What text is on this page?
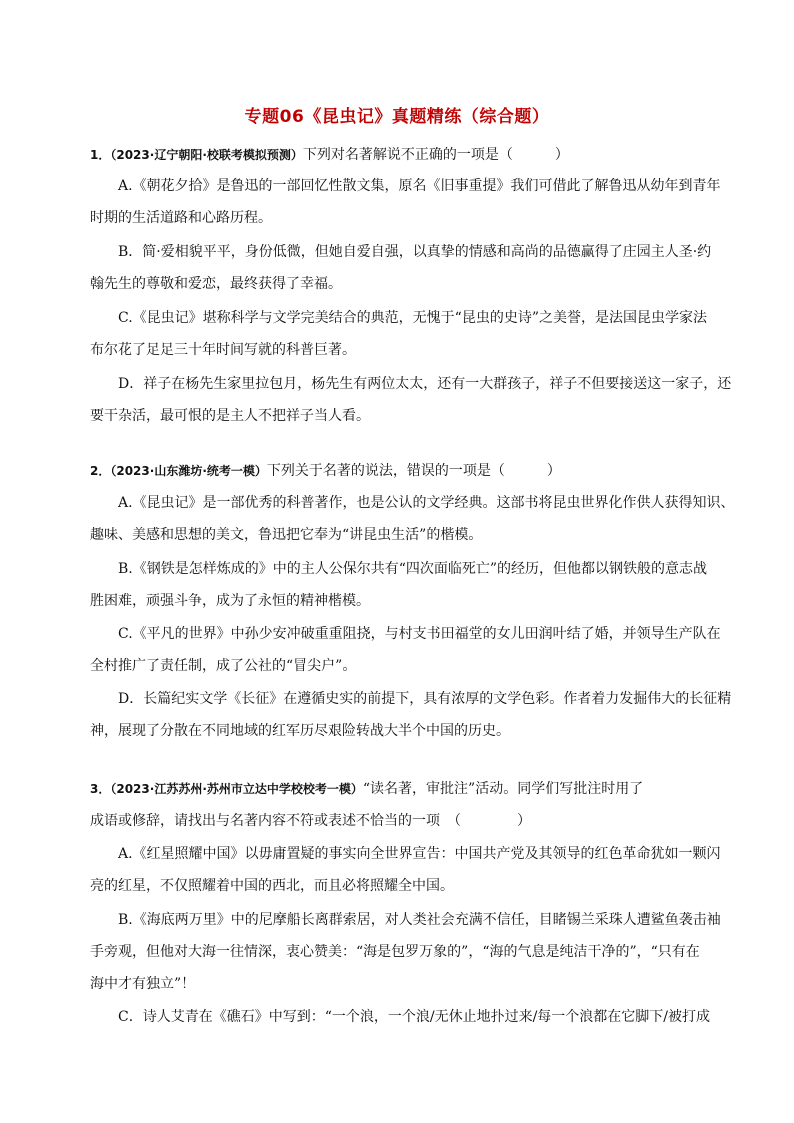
专题06《昆虫记》真题精练（综合题）
1．（2023·辽宁朝阳·校联考模拟预测）下列对名著解说不正确的一项是（　　　）
A.《朝花夕拾》是鲁迅的一部回忆性散文集，原名《旧事重提》我们可借此了解鲁迅从幼年到青年
时期的生活道路和心路历程。
B．简·爱相貌平平，身份低微，但她自爱自强，以真挚的情感和高尚的品德赢得了庄园主人圣·约
翰先生的尊敬和爱恋，最终获得了幸福。
C.《昆虫记》堪称科学与文学完美结合的典范，无愧于“昆虫的史诗”之美誉，是法国昆虫学家法
布尔花了足足三十年时间写就的科普巨著。
D．祥子在杨先生家里拉包月，杨先生有两位太太，还有一大群孩子，祥子不但要接送这一家子，还
要干杂活，最可恨的是主人不把祥子当人看。
2．（2023·山东潍坊·统考一模）下列关于名著的说法，错误的一项是（　　　）
A.《昆虫记》是一部优秀的科普著作，也是公认的文学经典。这部书将昆虫世界化作供人获得知识、
趣味、美感和思想的美文，鲁迅把它奉为“讲昆虫生活”的楷模。
B.《钢铁是怎样炼成的》中的主人公保尔共有“四次面临死亡”的经历，但他都以钢铁般的意志战
胜困难，顽强斗争，成为了永恒的精神楷模。
C.《平凡的世界》中孙少安冲破重重阻挠，与村支书田福堂的女儿田润叶结了婚，并领导生产队在
全村推广了责任制，成了公社的“冒尖户”。
D．长篇纪实文学《长征》在遵循史实的前提下，具有浓厚的文学色彩。作者着力发掘伟大的长征精
神，展现了分散在不同地域的红军历尽艰险转战大半个中国的历史。
3．（2023·江苏苏州·苏州市立达中学校校考一模）“读名著，审批注”活动。同学们写批注时用了
成语或修辞，请找出与名著内容不符或表述不恰当的一项　（　　　　）
A.《红星照耀中国》以毋庸置疑的事实向全世界宣告：中国共产党及其领导的红色革命犹如一颗闪
亮的红星，不仅照耀着中国的西北，而且必将照耀全中国。
B.《海底两万里》中的尼摩船长离群索居，对人类社会充满不信任，目睹锡兰采珠人遭鲨鱼袭击袖
手旁观，但他对大海一往情深，衷心赞美：“海是包罗万象的”，“海的气息是纯洁干净的”，“只有在
海中才有独立”！
C．诗人艾青在《礁石》中写到：“一个浪，一个浪/无休止地扑过来/每一个浪都在它脚下/被打成
